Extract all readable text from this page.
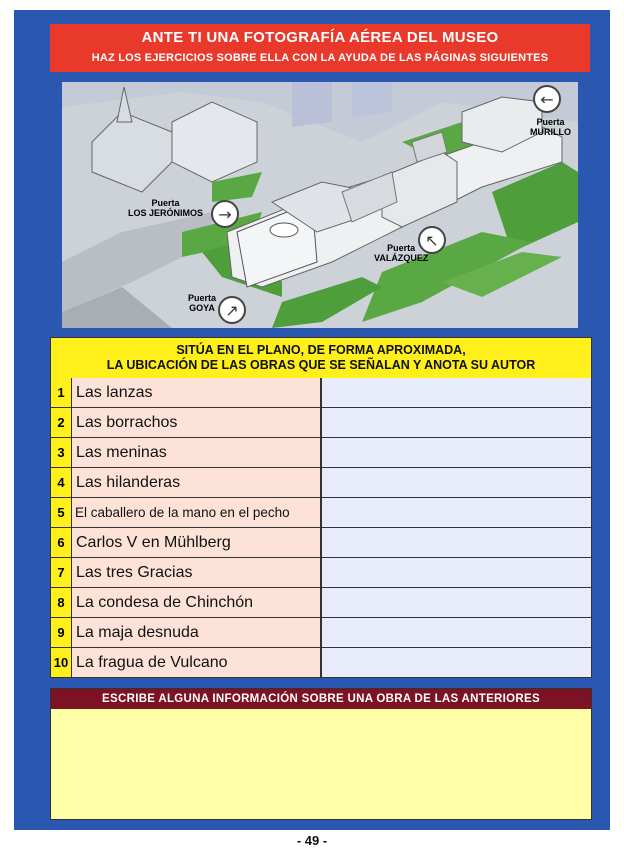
ANTE TI UNA FOTOGRAFÍA AÉREA DEL MUSEO
HAZ LOS EJERCICIOS SOBRE ELLA CON LA AYUDA DE LAS PÁGINAS SIGUIENTES
←
→
↖
↗
Puerta
MURILLO
Puerta
LOS JERÓNIMOS
Puerta
VALÁZQUEZ
Puerta
GOYA
SITÚA EN EL PLANO, DE FORMA APROXIMADA,
LA UBICACIÓN DE LAS OBRAS QUE SE SEÑALAN Y ANOTA SU AUTOR
1 Las lanzas
2 Las borrachos
3 Las meninas
4 Las hilanderas
5 El caballero de la mano en el pecho
6 Carlos V en Mühlberg
7 Las tres Gracias
8 La condesa de Chinchón
9 La maja desnuda
10 La fragua de Vulcano
ESCRIBE ALGUNA INFORMACIÓN SOBRE UNA OBRA DE LAS ANTERIORES
- 49 -
